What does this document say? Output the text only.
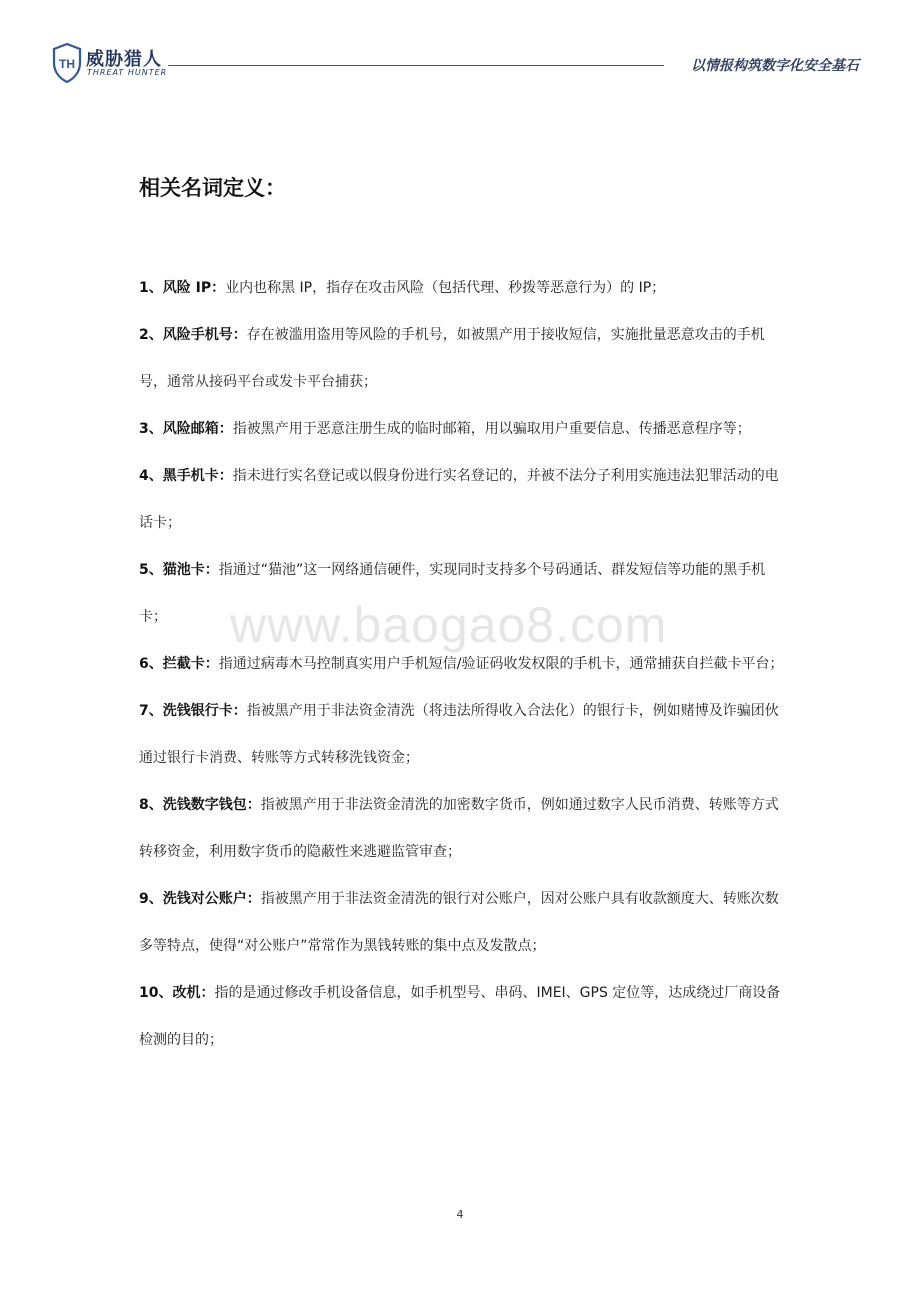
TH 威胁猎人
THREAT HUNTER	以情报构筑数字化安全基石
相关名词定义：

1、风险 IP：业内也称黑 IP，指存在攻击风险（包括代理、秒拨等恶意行为）的 IP；

2、风险手机号：存在被滥用盗用等风险的手机号，如被黑产用于接收短信，实施批量恶意攻击的手机号，通常从接码平台或发卡平台捕获；

3、风险邮箱：指被黑产用于恶意注册生成的临时邮箱，用以骗取用户重要信息、传播恶意程序等；

4、黑手机卡：指未进行实名登记或以假身份进行实名登记的，并被不法分子利用实施违法犯罪活动的电话卡；

5、猫池卡：指通过“猫池”这一网络通信硬件，实现同时支持多个号码通话、群发短信等功能的黑手机卡；

6、拦截卡：指通过病毒木马控制真实用户手机短信/验证码收发权限的手机卡，通常捕获自拦截卡平台；

7、洗钱银行卡：指被黑产用于非法资金清洗（将违法所得收入合法化）的银行卡，例如赌博及诈骗团伙通过银行卡消费、转账等方式转移洗钱资金；

8、洗钱数字钱包：指被黑产用于非法资金清洗的加密数字货币，例如通过数字人民币消费、转账等方式转移资金，利用数字货币的隐蔽性来逃避监管审查；

9、洗钱对公账户：指被黑产用于非法资金清洗的银行对公账户，因对公账户具有收款额度大、转账次数多等特点，使得“对公账户”常常作为黑钱转账的集中点及发散点；

10、改机：指的是通过修改手机设备信息，如手机型号、串码、IMEI、GPS 定位等，达成绕过厂商设备检测的目的；

www.baogao8.com
4
